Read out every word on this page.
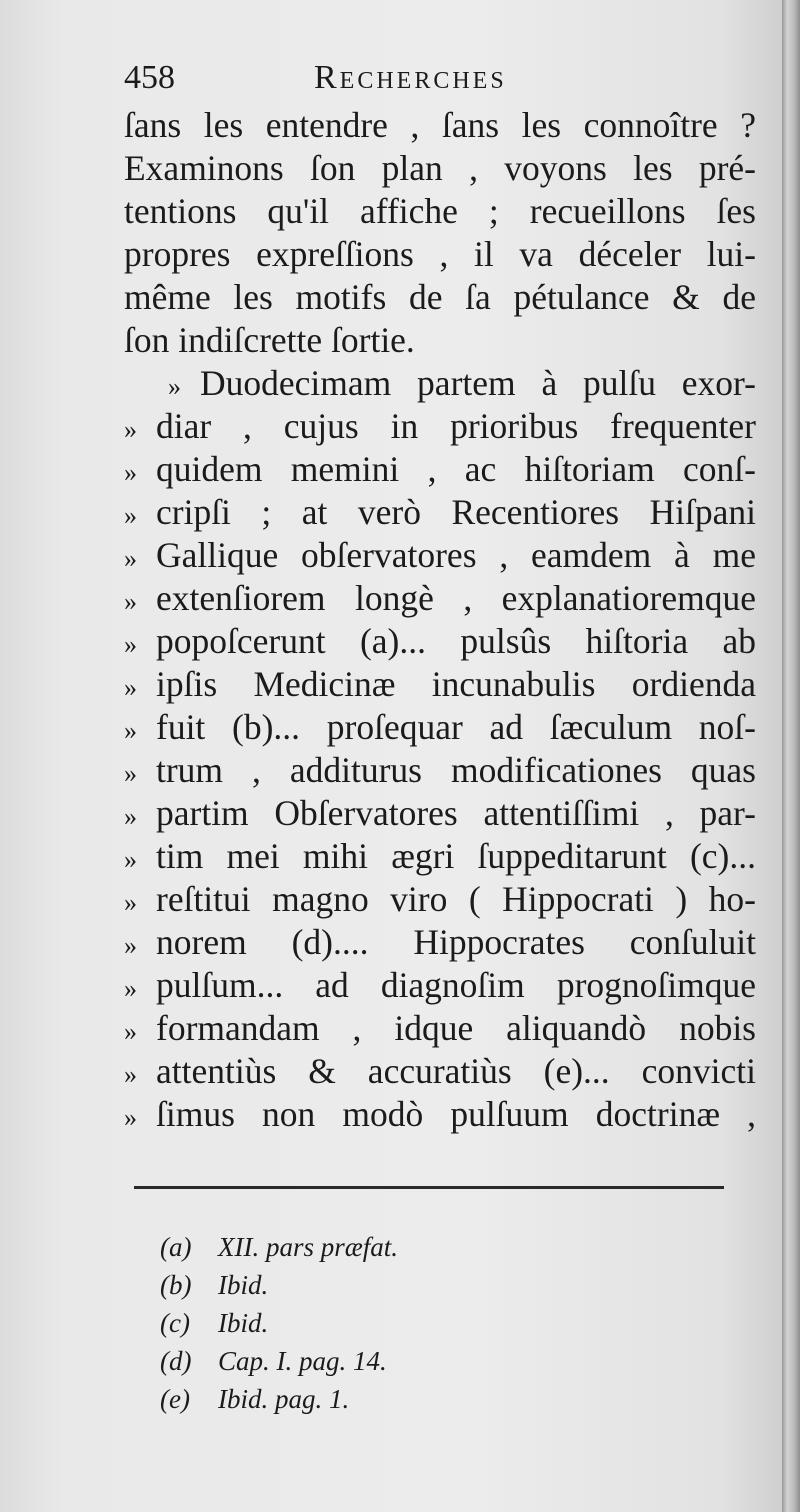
458	Recherches
ſans les entendre , ſans les connoître ?
Examinons ſon plan , voyons les pré-
tentions qu'il affiche ; recueillons ſes
propres expreſſions , il va déceler lui-
même les motifs de ſa pétulance & de
ſon indiſcrette ſortie.
» Duodecimam partem à pulſu exor-
» diar , cujus in prioribus frequenter
» quidem memini , ac hiſtoriam conſ-
» cripſi ; at verò Recentiores Hiſpani
» Gallique obſervatores , eamdem à me
» extenſiorem longè , explanatioremque
» popoſcerunt (a)... pulsûs hiſtoria ab
» ipſis Medicinæ incunabulis ordienda
» fuit (b)... proſequar ad ſæculum noſ-
» trum , additurus modificationes quas
» partim Obſervatores attentiſſimi , par-
» tim mei mihi ægri ſuppeditarunt (c)...
» reſtitui magno viro ( Hippocrati ) ho-
» norem (d).... Hippocrates conſuluit
» pulſum... ad diagnoſim prognoſimque
» formandam , idque aliquandò nobis
» attentiùs & accuratiùs (e)... convicti
» ſimus non modò pulſuum doctrinæ ,
(a) XII. pars præfat.
(b) Ibid.
(c) Ibid.
(d) Cap. I. pag. 14.
(e) Ibid. pag. 1.
